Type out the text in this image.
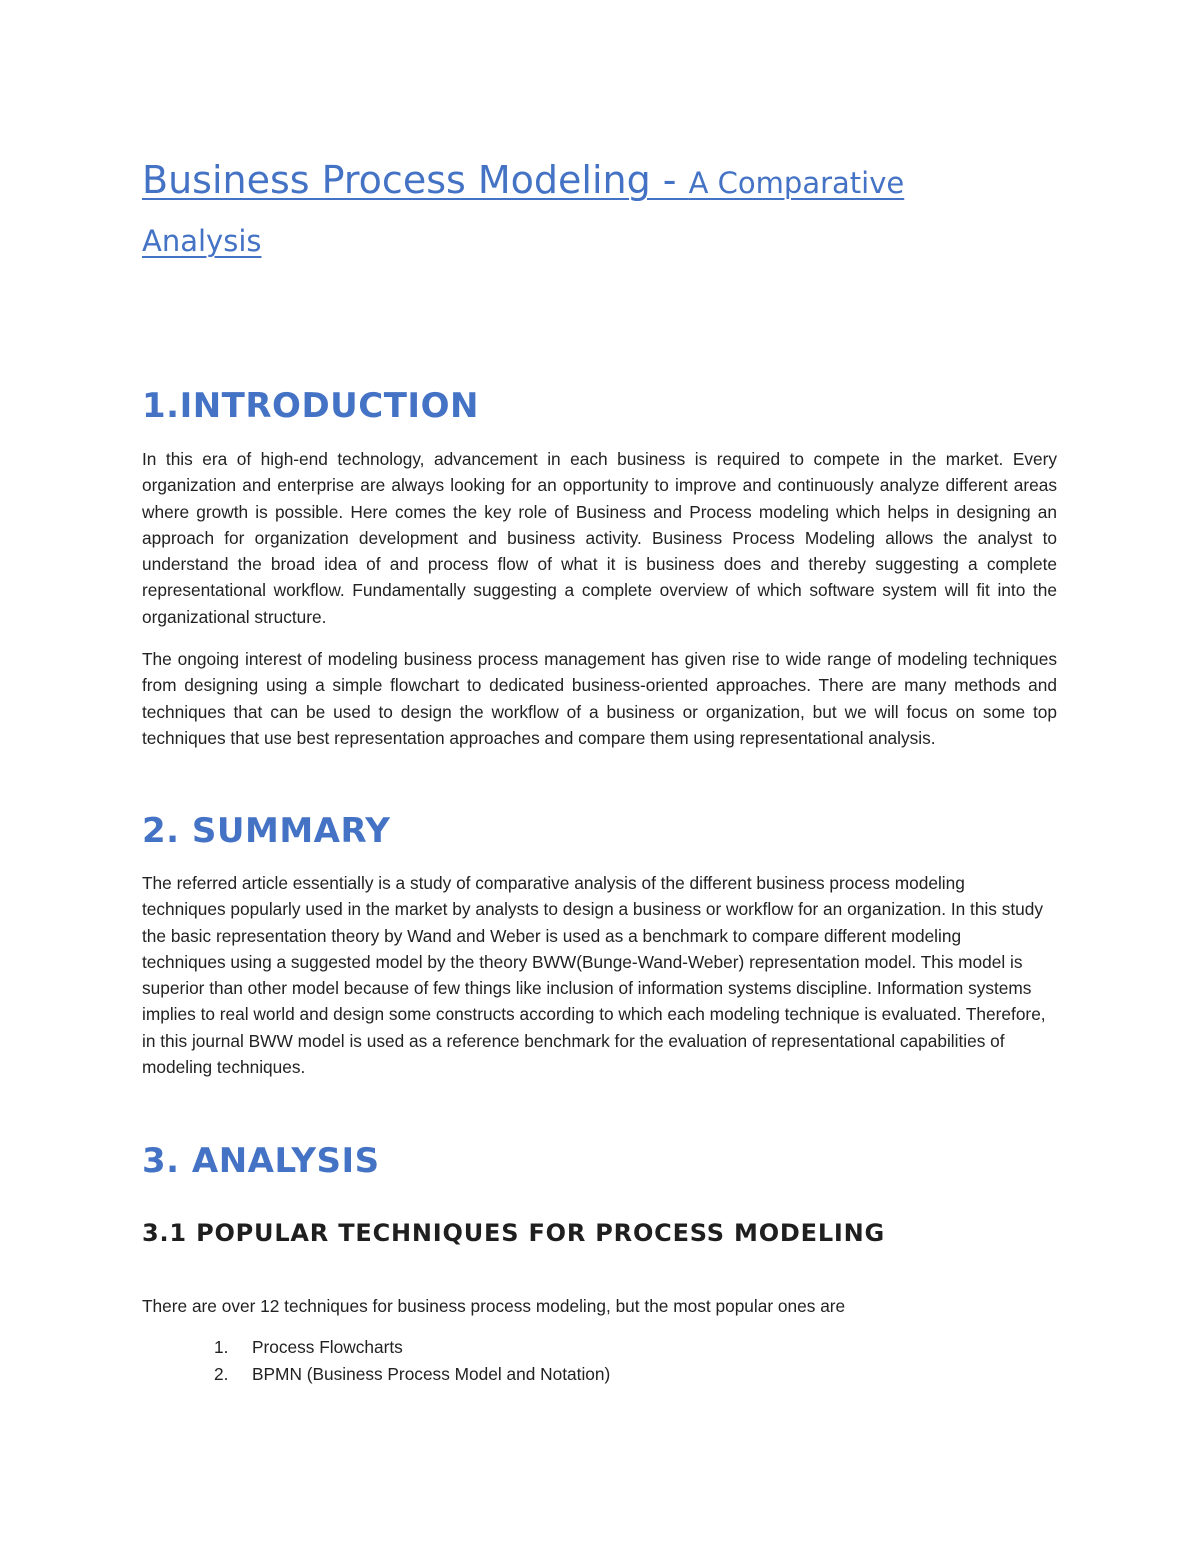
Business Process Modeling - A Comparative
Analysis
1.INTRODUCTION

In this era of high-end technology, advancement in each business is required to compete in the market. Every organization and enterprise are always looking for an opportunity to improve and continuously analyze different areas where growth is possible. Here comes the key role of Business and Process modeling which helps in designing an approach for organization development and business activity. Business Process Modeling allows the analyst to understand the broad idea of and process flow of what it is business does and thereby suggesting a complete representational workflow. Fundamentally suggesting a complete overview of which software system will fit into the organizational structure.

The ongoing interest of modeling business process management has given rise to wide range of modeling techniques from designing using a simple flowchart to dedicated business-oriented approaches. There are many methods and techniques that can be used to design the workflow of a business or organization, but we will focus on some top techniques that use best representation approaches and compare them using representational analysis.

2. SUMMARY

The referred article essentially is a study of comparative analysis of the different business process modeling techniques popularly used in the market by analysts to design a business or workflow for an organization. In this study the basic representation theory by Wand and Weber is used as a benchmark to compare different modeling techniques using a suggested model by the theory BWW(Bunge-Wand-Weber) representation model. This model is superior than other model because of few things like inclusion of information systems discipline. Information systems implies to real world and design some constructs according to which each modeling technique is evaluated. Therefore, in this journal BWW model is used as a reference benchmark for the evaluation of representational capabilities of modeling techniques.

3. ANALYSIS
3.1 POPULAR TECHNIQUES FOR PROCESS MODELING

There are over 12 techniques for business process modeling, but the most popular ones are

1. Process Flowcharts
2. BPMN (Business Process Model and Notation)
